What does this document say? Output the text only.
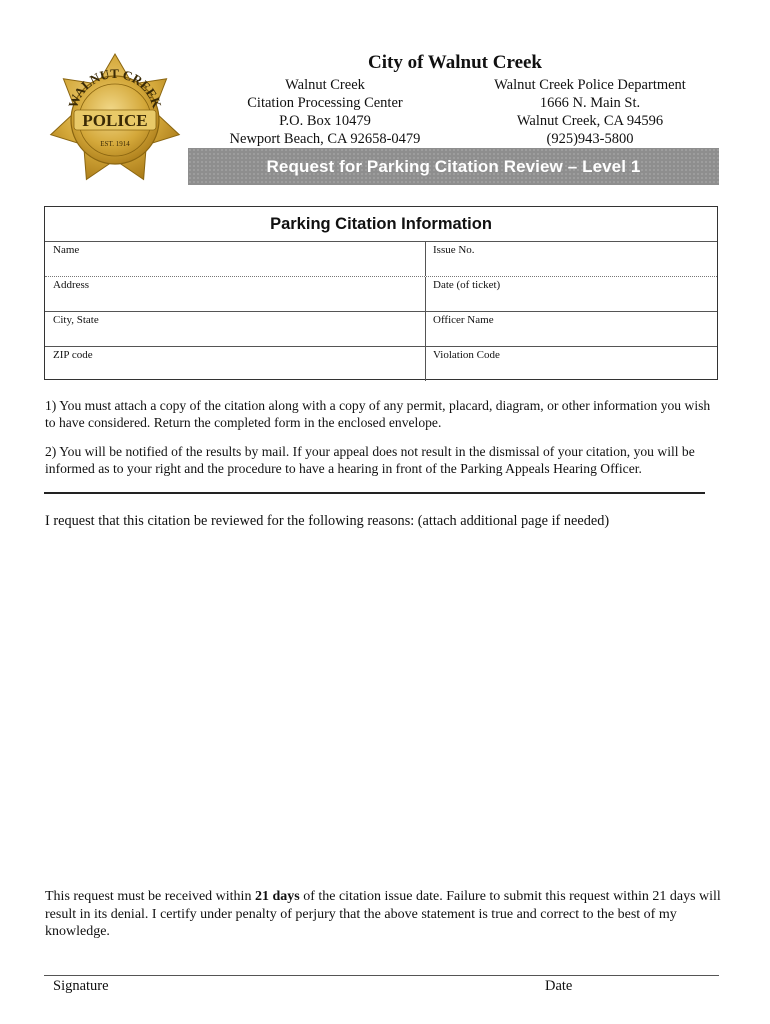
WALNUT CREEK
POLICE
EST. 1914
City of Walnut Creek
Walnut Creek
Citation Processing Center
P.O. Box 10479
Newport Beach, CA 92658-0479
Walnut Creek Police Department
1666 N. Main St.
Walnut Creek, CA 94596
(925)943-5800
Request for Parking Citation Review – Level 1
Parking Citation Information
Name	Issue No.
Address	Date (of ticket)
City, State	Officer Name
ZIP code	Violation Code
1) You must attach a copy of the citation along with a copy of any permit, placard, diagram, or other information you wish to have considered. Return the completed form in the enclosed envelope.
2) You will be notified of the results by mail. If your appeal does not result in the dismissal of your citation, you will be informed as to your right and the procedure to have a hearing in front of the Parking Appeals Hearing Officer.
I request that this citation be reviewed for the following reasons: (attach additional page if needed)
This request must be received within 21 days of the citation issue date. Failure to submit this request within 21 days will result in its denial. I certify under penalty of perjury that the above statement is true and correct to the best of my knowledge.
Signature	Date
